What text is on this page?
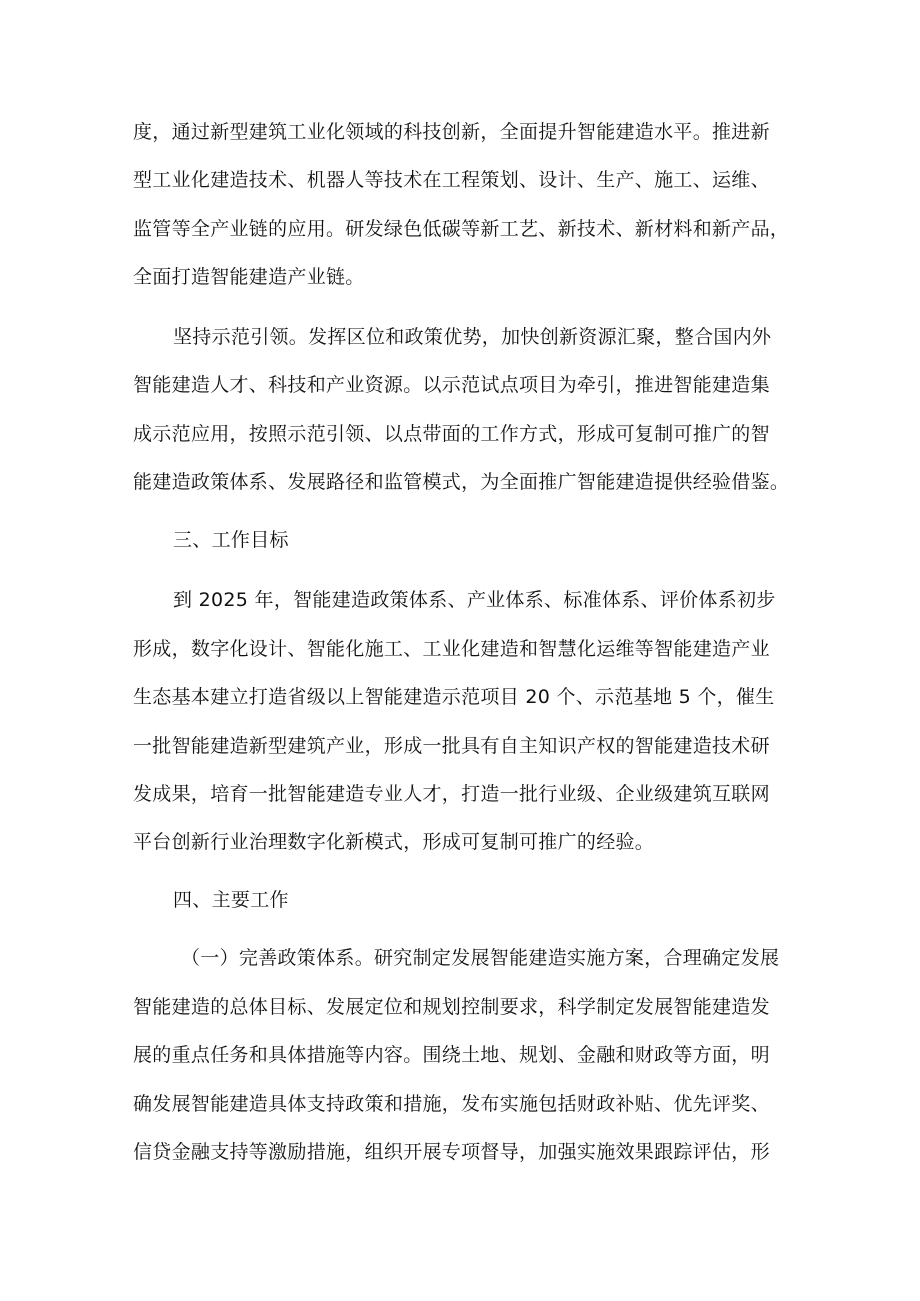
度，通过新型建筑工业化领域的科技创新，全面提升智能建造水平。推进新
型工业化建造技术、机器人等技术在工程策划、设计、生产、施工、运维、
监管等全产业链的应用。研发绿色低碳等新工艺、新技术、新材料和新产品，
全面打造智能建造产业链。
坚持示范引领。发挥区位和政策优势，加快创新资源汇聚，整合国内外
智能建造人才、科技和产业资源。以示范试点项目为牵引，推进智能建造集
成示范应用，按照示范引领、以点带面的工作方式，形成可复制可推广的智
能建造政策体系、发展路径和监管模式，为全面推广智能建造提供经验借鉴。
三、工作目标
到 2025 年，智能建造政策体系、产业体系、标准体系、评价体系初步
形成，数字化设计、智能化施工、工业化建造和智慧化运维等智能建造产业
生态基本建立打造省级以上智能建造示范项目 20 个、示范基地 5 个，催生
一批智能建造新型建筑产业，形成一批具有自主知识产权的智能建造技术研
发成果，培育一批智能建造专业人才，打造一批行业级、企业级建筑互联网
平台创新行业治理数字化新模式，形成可复制可推广的经验。
四、主要工作
（一）完善政策体系。研究制定发展智能建造实施方案，合理确定发展
智能建造的总体目标、发展定位和规划控制要求，科学制定发展智能建造发
展的重点任务和具体措施等内容。围绕土地、规划、金融和财政等方面，明
确发展智能建造具体支持政策和措施，发布实施包括财政补贴、优先评奖、
信贷金融支持等激励措施，组织开展专项督导，加强实施效果跟踪评估，形
